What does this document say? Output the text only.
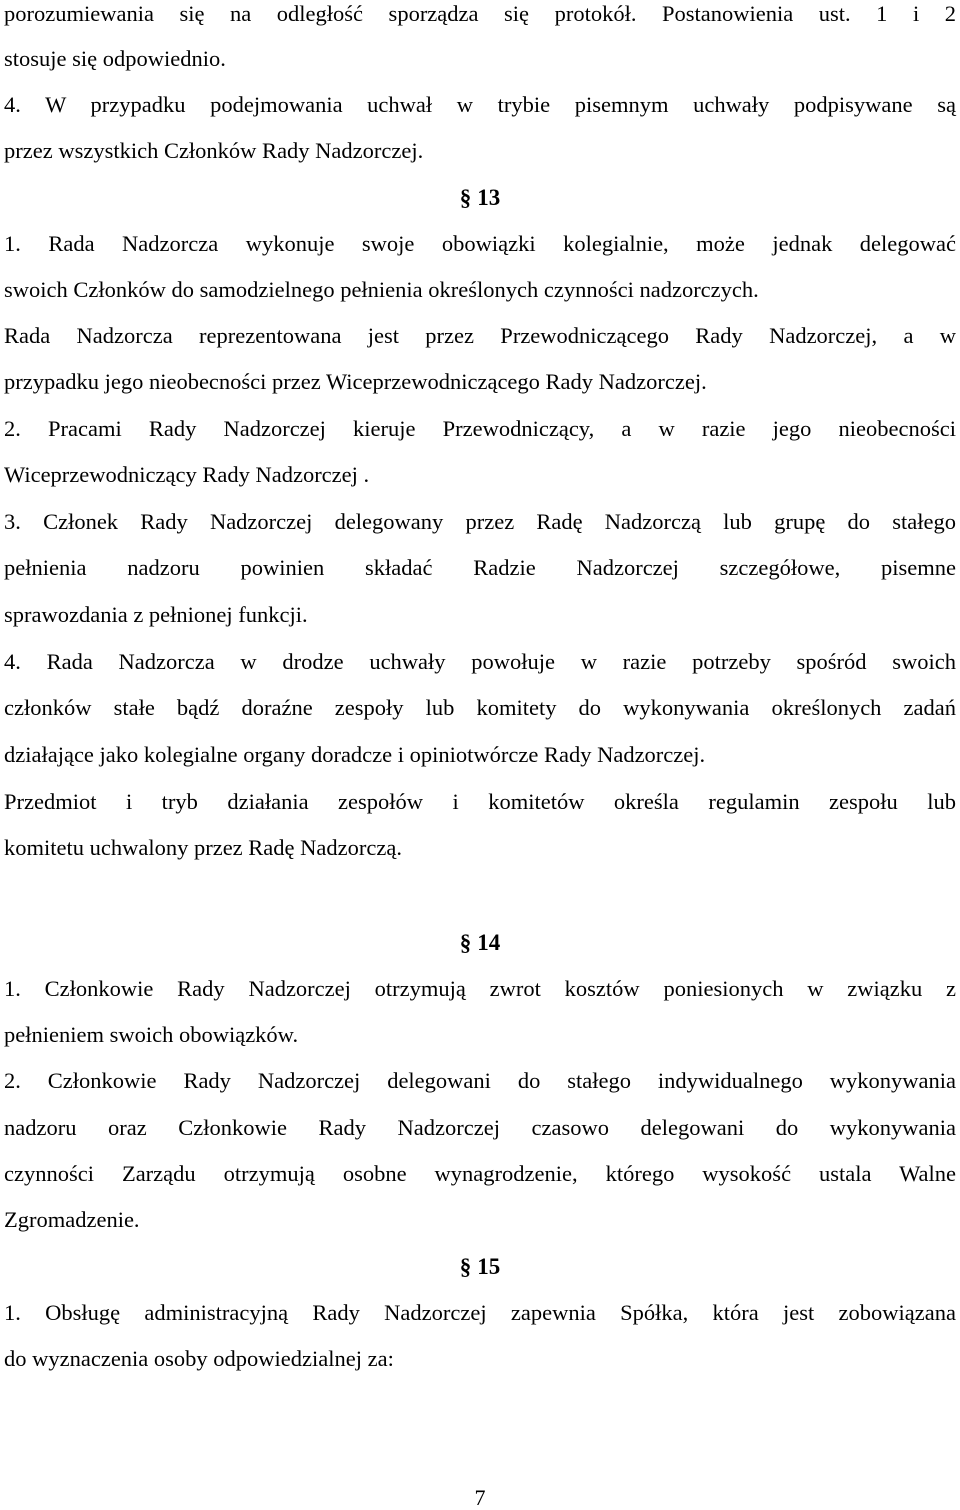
porozumiewania się na odległość sporządza się protokół. Postanowienia ust. 1 i 2
stosuje się odpowiednio.
4. W przypadku podejmowania uchwał w trybie pisemnym uchwały podpisywane są
przez wszystkich Członków Rady Nadzorczej.
§ 13
1. Rada Nadzorcza wykonuje swoje obowiązki kolegialnie, może jednak delegować
swoich Członków do samodzielnego pełnienia określonych czynności nadzorczych.
Rada Nadzorcza reprezentowana jest przez Przewodniczącego Rady Nadzorczej, a w
przypadku jego nieobecności przez Wiceprzewodniczącego Rady Nadzorczej.
2. Pracami Rady Nadzorczej kieruje Przewodniczący, a w razie jego nieobecności
Wiceprzewodniczący Rady Nadzorczej .
3. Członek Rady Nadzorczej delegowany przez Radę Nadzorczą lub grupę do stałego
pełnienia nadzoru powinien składać Radzie Nadzorczej szczegółowe, pisemne
sprawozdania z pełnionej funkcji.
4. Rada Nadzorcza w drodze uchwały powołuje w razie potrzeby spośród swoich
członków stałe bądź doraźne zespoły lub komitety do wykonywania określonych zadań
działające jako kolegialne organy doradcze i opiniotwórcze Rady Nadzorczej.
Przedmiot i tryb działania zespołów i komitetów określa regulamin zespołu lub
komitetu uchwalony przez Radę Nadzorczą.
§ 14
1. Członkowie Rady Nadzorczej otrzymują zwrot kosztów poniesionych w związku z
pełnieniem swoich obowiązków.
2. Członkowie Rady Nadzorczej delegowani do stałego indywidualnego wykonywania
nadzoru oraz Członkowie Rady Nadzorczej czasowo delegowani do wykonywania
czynności Zarządu otrzymują osobne wynagrodzenie, którego wysokość ustala Walne
Zgromadzenie.
§ 15
1. Obsługę administracyjną Rady Nadzorczej zapewnia Spółka, która jest zobowiązana
do wyznaczenia osoby odpowiedzialnej za:
7
